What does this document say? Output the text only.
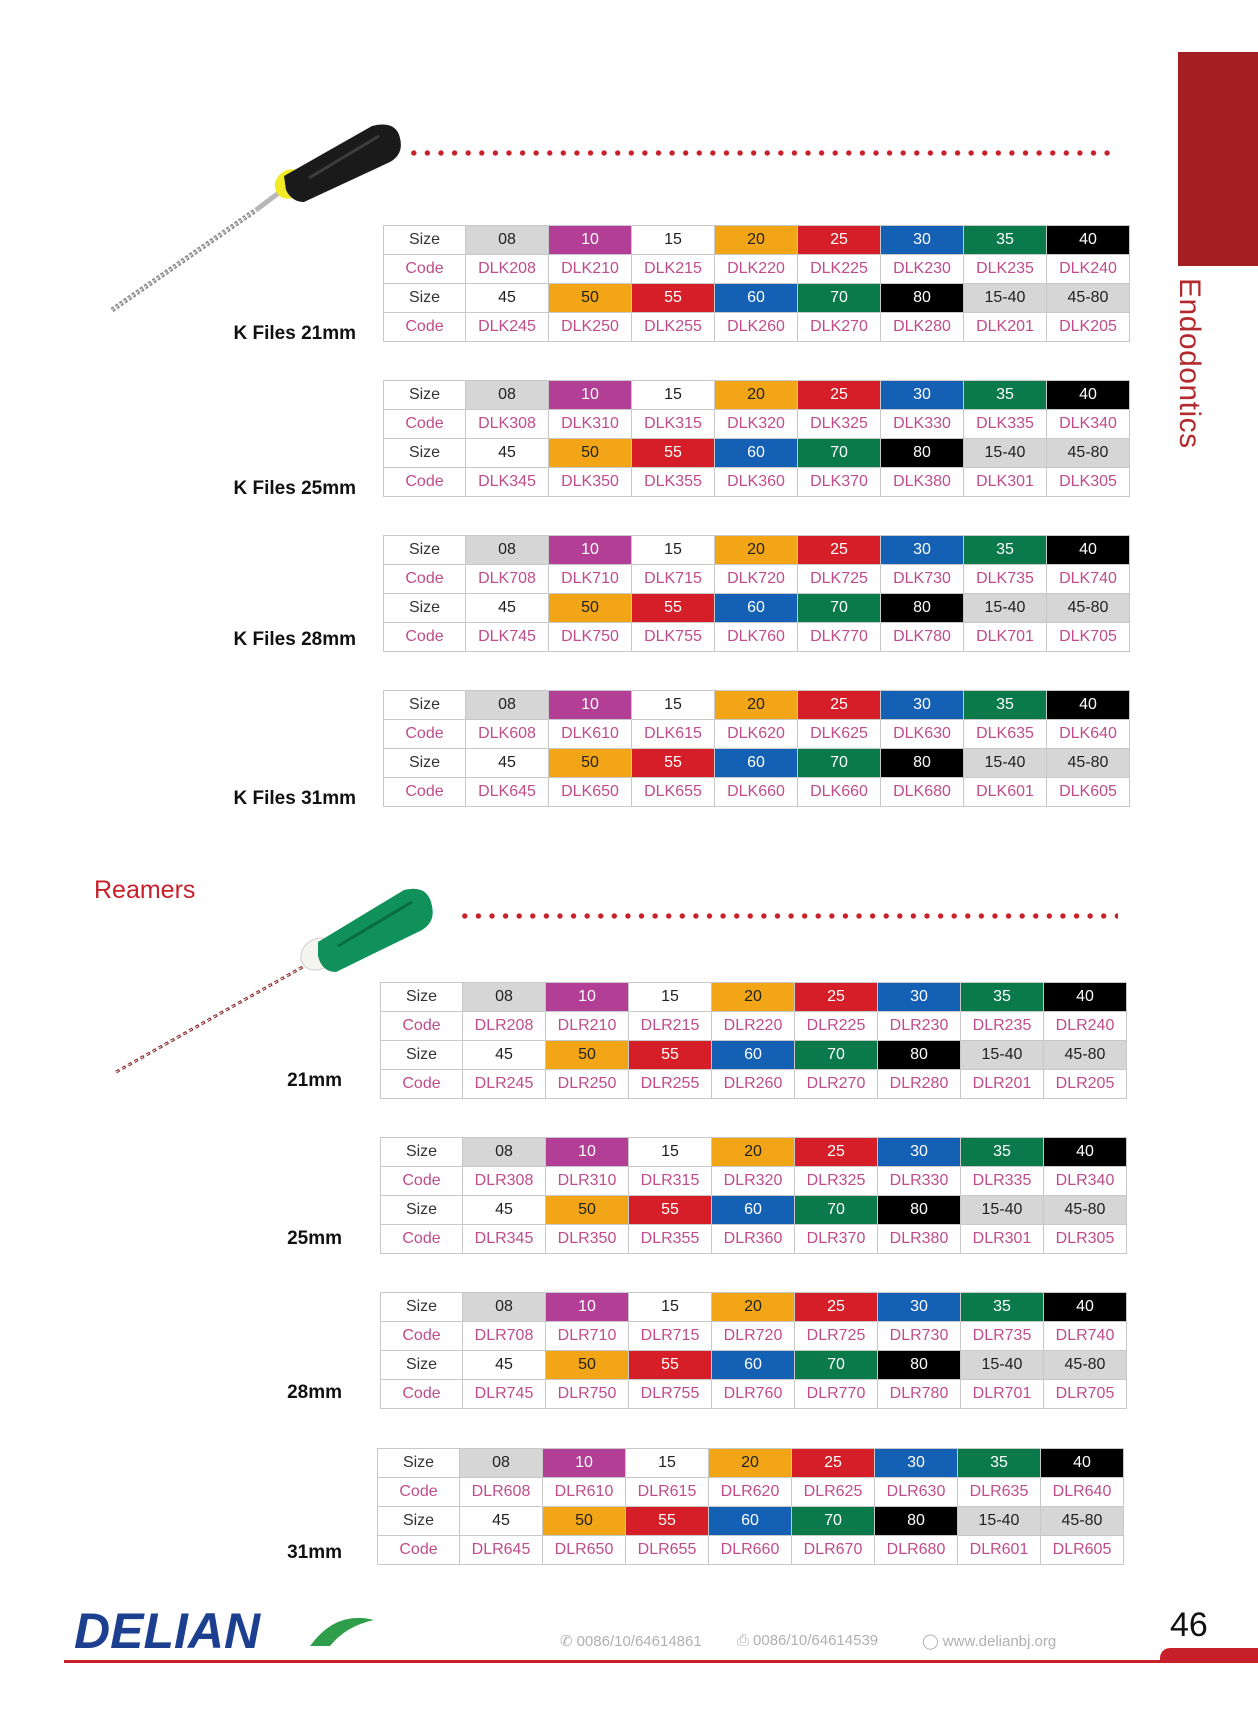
Endodontics
Reamers
K Files 21mm
Size	08	10	15	20	25	30	35	40
Code	DLK208	DLK210	DLK215	DLK220	DLK225	DLK230	DLK235	DLK240
Size	45	50	55	60	70	80	15-40	45-80
Code	DLK245	DLK250	DLK255	DLK260	DLK270	DLK280	DLK201	DLK205
K Files 25mm
Size	08	10	15	20	25	30	35	40
Code	DLK308	DLK310	DLK315	DLK320	DLK325	DLK330	DLK335	DLK340
Size	45	50	55	60	70	80	15-40	45-80
Code	DLK345	DLK350	DLK355	DLK360	DLK370	DLK380	DLK301	DLK305
K Files 28mm
Size	08	10	15	20	25	30	35	40
Code	DLK708	DLK710	DLK715	DLK720	DLK725	DLK730	DLK735	DLK740
Size	45	50	55	60	70	80	15-40	45-80
Code	DLK745	DLK750	DLK755	DLK760	DLK770	DLK780	DLK701	DLK705
K Files 31mm
Size	08	10	15	20	25	30	35	40
Code	DLK608	DLK610	DLK615	DLK620	DLK625	DLK630	DLK635	DLK640
Size	45	50	55	60	70	80	15-40	45-80
Code	DLK645	DLK650	DLK655	DLK660	DLK660	DLK680	DLK601	DLK605
21mm
Size	08	10	15	20	25	30	35	40
Code	DLR208	DLR210	DLR215	DLR220	DLR225	DLR230	DLR235	DLR240
Size	45	50	55	60	70	80	15-40	45-80
Code	DLR245	DLR250	DLR255	DLR260	DLR270	DLR280	DLR201	DLR205
25mm
Size	08	10	15	20	25	30	35	40
Code	DLR308	DLR310	DLR315	DLR320	DLR325	DLR330	DLR335	DLR340
Size	45	50	55	60	70	80	15-40	45-80
Code	DLR345	DLR350	DLR355	DLR360	DLR370	DLR380	DLR301	DLR305
28mm
Size	08	10	15	20	25	30	35	40
Code	DLR708	DLR710	DLR715	DLR720	DLR725	DLR730	DLR735	DLR740
Size	45	50	55	60	70	80	15-40	45-80
Code	DLR745	DLR750	DLR755	DLR760	DLR770	DLR780	DLR701	DLR705
31mm
Size	08	10	15	20	25	30	35	40
Code	DLR608	DLR610	DLR615	DLR620	DLR625	DLR630	DLR635	DLR640
Size	45	50	55	60	70	80	15-40	45-80
Code	DLR645	DLR650	DLR655	DLR660	DLR670	DLR680	DLR601	DLR605
DELIAN	✆ 0086/10/64614861 ⎙ 0086/10/64614539	◯ www.delianbj.org	46
